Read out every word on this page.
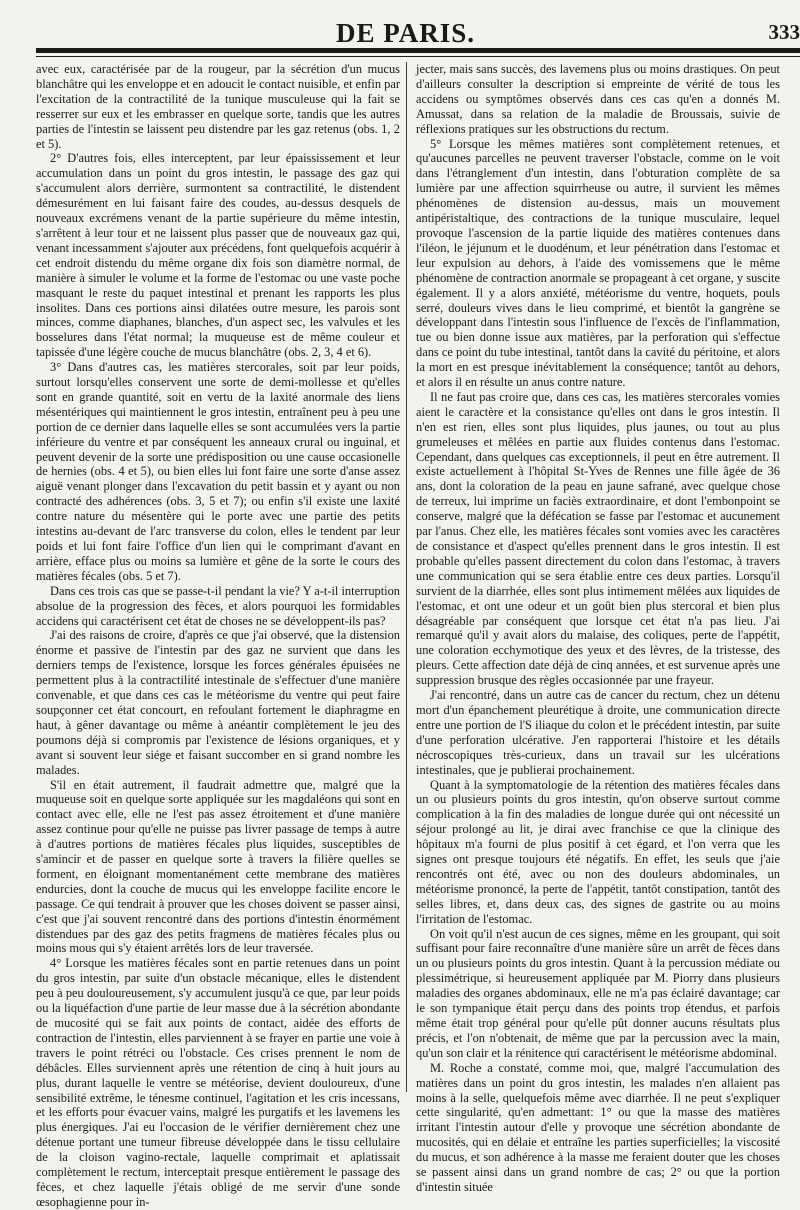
DE PARIS.	333

avec eux, caractérisée par de la rougeur, par la sécrétion d'un mucus blanchâtre qui les enveloppe et en adoucit le contact nuisible, et enfin par l'excitation de la contractilité de la tunique musculeuse qui la fait se resserrer sur eux et les embrasser en quelque sorte, tandis que les autres parties de l'intestin se laissent peu distendre par les gaz retenus (obs. 1, 2 et 5).

2° D'autres fois, elles interceptent, par leur épaississement et leur accumulation dans un point du gros intestin, le passage des gaz qui s'accumulent alors derrière, surmontent sa contractilité, le distendent démesurément en lui faisant faire des coudes, au-dessus desquels de nouveaux excrémens venant de la partie supérieure du même intestin, s'arrêtent à leur tour et ne laissent plus passer que de nouveaux gaz qui, venant incessamment s'ajouter aux précédens, font quelquefois acquérir à cet endroit distendu du même organe dix fois son diamètre normal, de manière à simuler le volume et la forme de l'estomac ou une vaste poche masquant le reste du paquet intestinal et prenant les rapports les plus insolites. Dans ces portions ainsi dilatées outre mesure, les parois sont minces, comme diaphanes, blanches, d'un aspect sec, les valvules et les bosselures dans l'état normal; la muqueuse est de même couleur et tapissée d'une légère couche de mucus blanchâtre (obs. 2, 3, 4 et 6).

3° Dans d'autres cas, les matières stercorales, soit par leur poids, surtout lorsqu'elles conservent une sorte de demi-mollesse et qu'elles sont en grande quantité, soit en vertu de la laxité anormale des liens mésentériques qui maintiennent le gros intestin, entraînent peu à peu une portion de ce dernier dans laquelle elles se sont accumulées vers la partie inférieure du ventre et par conséquent les anneaux crural ou inguinal, et peuvent devenir de la sorte une prédisposition ou une cause occasionelle de hernies (obs. 4 et 5), ou bien elles lui font faire une sorte d'anse assez aiguë venant plonger dans l'excavation du petit bassin et y ayant ou non contracté des adhérences (obs. 3, 5 et 7); ou enfin s'il existe une laxité contre nature du mésentère qui le porte avec une partie des petits intestins au-devant de l'arc transverse du colon, elles le tendent par leur poids et lui font faire l'office d'un lien qui le comprimant d'avant en arrière, efface plus ou moins sa lumière et gêne de la sorte le cours des matières fécales (obs. 5 et 7).

Dans ces trois cas que se passe-t-il pendant la vie? Y a-t-il interruption absolue de la progression des fèces, et alors pourquoi les formidables accidens qui caractérisent cet état de choses ne se développent-ils pas?

J'ai des raisons de croire, d'après ce que j'ai observé, que la distension énorme et passive de l'intestin par des gaz ne survient que dans les derniers temps de l'existence, lorsque les forces générales épuisées ne permettent plus à la contractilité intestinale de s'effectuer d'une manière convenable, et que dans ces cas le météorisme du ventre qui peut faire soupçonner cet état concourt, en refoulant fortement le diaphragme en haut, à gêner davantage ou même à anéantir complètement le jeu des poumons déjà si compromis par l'existence de lésions organiques, et y avant si souvent leur siége et faisant succomber en si grand nombre les malades.

S'il en était autrement, il faudrait admettre que, malgré que la muqueuse soit en quelque sorte appliquée sur les magdaléons qui sont en contact avec elle, elle ne l'est pas assez étroitement et d'une manière assez continue pour qu'elle ne puisse pas livrer passage de temps à autre à d'autres portions de matières fécales plus liquides, susceptibles de s'amincir et de passer en quelque sorte à travers la filière quelles se forment, en éloignant momentanément cette membrane des matières endurcies, dont la couche de mucus qui les enveloppe facilite encore le passage. Ce qui tendrait à prouver que les choses doivent se passer ainsi, c'est que j'ai souvent rencontré dans des portions d'intestin énormément distendues par des gaz des petits fragmens de matières fécales plus ou moins mous qui s'y étaient arrêtés lors de leur traversée.

4° Lorsque les matières fécales sont en partie retenues dans un point du gros intestin, par suite d'un obstacle mécanique, elles le distendent peu à peu douloureusement, s'y accumulent jusqu'à ce que, par leur poids ou la liquéfaction d'une partie de leur masse due à la sécrétion abondante de mucosité qui se fait aux points de contact, aidée des efforts de contraction de l'intestin, elles parviennent à se frayer en partie une voie à travers le point rétréci ou l'obstacle. Ces crises prennent le nom de débâcles. Elles surviennent après une rétention de cinq à huit jours au plus, durant laquelle le ventre se météorise, devient douloureux, d'une sensibilité extrême, le ténesme continuel, l'agitation et les cris incessans, et les efforts pour évacuer vains, malgré les purgatifs et les lavemens les plus énergiques. J'ai eu l'occasion de le vérifier dernièrement chez une détenue portant une tumeur fibreuse développée dans le tissu cellulaire de la cloison vagino-rectale, laquelle comprimait et aplatissait complètement le rectum, interceptait presque entièrement le passage des fèces, et chez laquelle j'étais obligé de me servir d'une sonde œsophagienne pour in-

jecter, mais sans succès, des lavemens plus ou moins drastiques. On peut d'ailleurs consulter la description si empreinte de vérité de tous les accidens ou symptômes observés dans ces cas qu'en a donnés M. Amussat, dans sa relation de la maladie de Broussais, suivie de réflexions pratiques sur les obstructions du rectum.

5° Lorsque les mêmes matières sont complètement retenues, et qu'aucunes parcelles ne peuvent traverser l'obstacle, comme on le voit dans l'étranglement d'un intestin, dans l'obturation complète de sa lumière par une affection squirrheuse ou autre, il survient les mêmes phénomènes de distension au-dessus, mais un mouvement antipéristaltique, des contractions de la tunique musculaire, lequel provoque l'ascension de la partie liquide des matières contenues dans l'iléon, le jéjunum et le duodénum, et leur pénétration dans l'estomac et leur expulsion au dehors, à l'aide des vomissemens que le même phénomène de contraction anormale se propageant à cet organe, y suscite également. Il y a alors anxiété, météorisme du ventre, hoquets, pouls serré, douleurs vives dans le lieu comprimé, et bientôt la gangrène se développant dans l'intestin sous l'influence de l'excès de l'inflammation, tue ou bien donne issue aux matières, par la perforation qui s'effectue dans ce point du tube intestinal, tantôt dans la cavité du péritoine, et alors la mort en est presque inévitablement la conséquence; tantôt au dehors, et alors il en résulte un anus contre nature.

Il ne faut pas croire que, dans ces cas, les matières stercorales vomies aient le caractère et la consistance qu'elles ont dans le gros intestin. Il n'en est rien, elles sont plus liquides, plus jaunes, ou tout au plus grumeleuses et mêlées en partie aux fluides contenus dans l'estomac. Cependant, dans quelques cas exceptionnels, il peut en être autrement. Il existe actuellement à l'hôpital St-Yves de Rennes une fille âgée de 36 ans, dont la coloration de la peau en jaune safrané, avec quelque chose de terreux, lui imprime un faciès extraordinaire, et dont l'embonpoint se conserve, malgré que la défécation se fasse par l'estomac et aucunement par l'anus. Chez elle, les matières fécales sont vomies avec les caractères de consistance et d'aspect qu'elles prennent dans le gros intestin. Il est probable qu'elles passent directement du colon dans l'estomac, à travers une communication qui se sera établie entre ces deux parties. Lorsqu'il survient de la diarrhée, elles sont plus intimement mêlées aux liquides de l'estomac, et ont une odeur et un goût bien plus stercoral et bien plus désagréable par conséquent que lorsque cet état n'a pas lieu. J'ai remarqué qu'il y avait alors du malaise, des coliques, perte de l'appétit, une coloration ecchymotique des yeux et des lèvres, de la tristesse, des pleurs. Cette affection date déjà de cinq années, et est survenue après une suppression brusque des règles occasionnée par une frayeur.

J'ai rencontré, dans un autre cas de cancer du rectum, chez un détenu mort d'un épanchement pleurétique à droite, une communication directe entre une portion de l'S iliaque du colon et le précédent intestin, par suite d'une perforation ulcérative. J'en rapporterai l'histoire et les détails nécroscopiques très-curieux, dans un travail sur les ulcérations intestinales, que je publierai prochainement.

Quant à la symptomatologie de la rétention des matières fécales dans un ou plusieurs points du gros intestin, qu'on observe surtout comme complication à la fin des maladies de longue durée qui ont nécessité un séjour prolongé au lit, je dirai avec franchise ce que la clinique des hôpitaux m'a fourni de plus positif à cet égard, et l'on verra que les signes ont presque toujours été négatifs. En effet, les seuls que j'aie rencontrés ont été, avec ou non des douleurs abdominales, un météorisme prononcé, la perte de l'appétit, tantôt constipation, tantôt des selles libres, et, dans deux cas, des signes de gastrite ou au moins l'irritation de l'estomac.

On voit qu'il n'est aucun de ces signes, même en les groupant, qui soit suffisant pour faire reconnaître d'une manière sûre un arrêt de fèces dans un ou plusieurs points du gros intestin. Quant à la percussion médiate ou plessimétrique, si heureusement appliquée par M. Piorry dans plusieurs maladies des organes abdominaux, elle ne m'a pas éclairé davantage; car le son tympanique était perçu dans des points trop étendus, et parfois même était trop général pour qu'elle pût donner aucuns résultats plus précis, et l'on n'obtenait, de même que par la percussion avec la main, qu'un son clair et la rénitence qui caractérisent le météorisme abdominal.

M. Roche a constaté, comme moi, que, malgré l'accumulation des matières dans un point du gros intestin, les malades n'en allaient pas moins à la selle, quelquefois même avec diarrhée. Il ne peut s'expliquer cette singularité, qu'en admettant: 1° ou que la masse des matières irritant l'intestin autour d'elle y provoque une sécrétion abondante de mucosités, qui en délaie et entraîne les parties superficielles; la viscosité du mucus, et son adhérence à la masse me feraient douter que les choses se passent ainsi dans un grand nombre de cas; 2° ou que la portion d'intestin située
